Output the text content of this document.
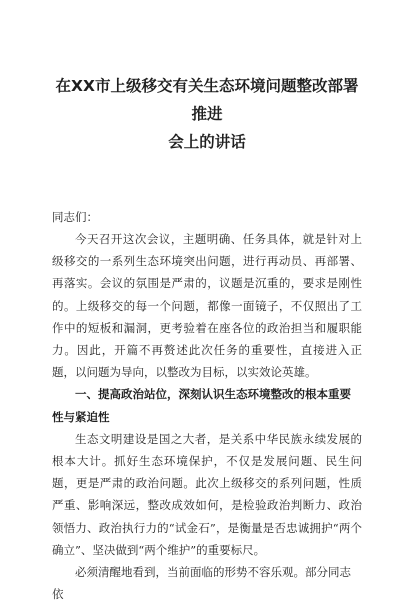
在XX市上级移交有关生态环境问题整改部署推进
会上的讲话

同志们：

今天召开这次会议，主题明确、任务具体，就是针对上级移交的一系列生态环境突出问题，进行再动员、再部署、再落实。会议的氛围是严肃的，议题是沉重的，要求是刚性的。上级移交的每一个问题，都像一面镜子，不仅照出了工作中的短板和漏洞，更考验着在座各位的政治担当和履职能力。因此，开篇不再赘述此次任务的重要性，直接进入正题，以问题为导向，以整改为目标，以实效论英雄。

一、提高政治站位，深刻认识生态环境整改的根本重要性与紧迫性

生态文明建设是国之大者，是关系中华民族永续发展的根本大计。抓好生态环境保护，不仅是发展问题、民生问题，更是严肃的政治问题。此次上级移交的系列问题，性质严重、影响深远，整改成效如何，是检验政治判断力、政治领悟力、政治执行力的“试金石”，是衡量是否忠诚拥护“两个确立”、坚决做到“两个维护”的重要标尺。

必须清醒地看到，当前面临的形势不容乐观。部分同志依
